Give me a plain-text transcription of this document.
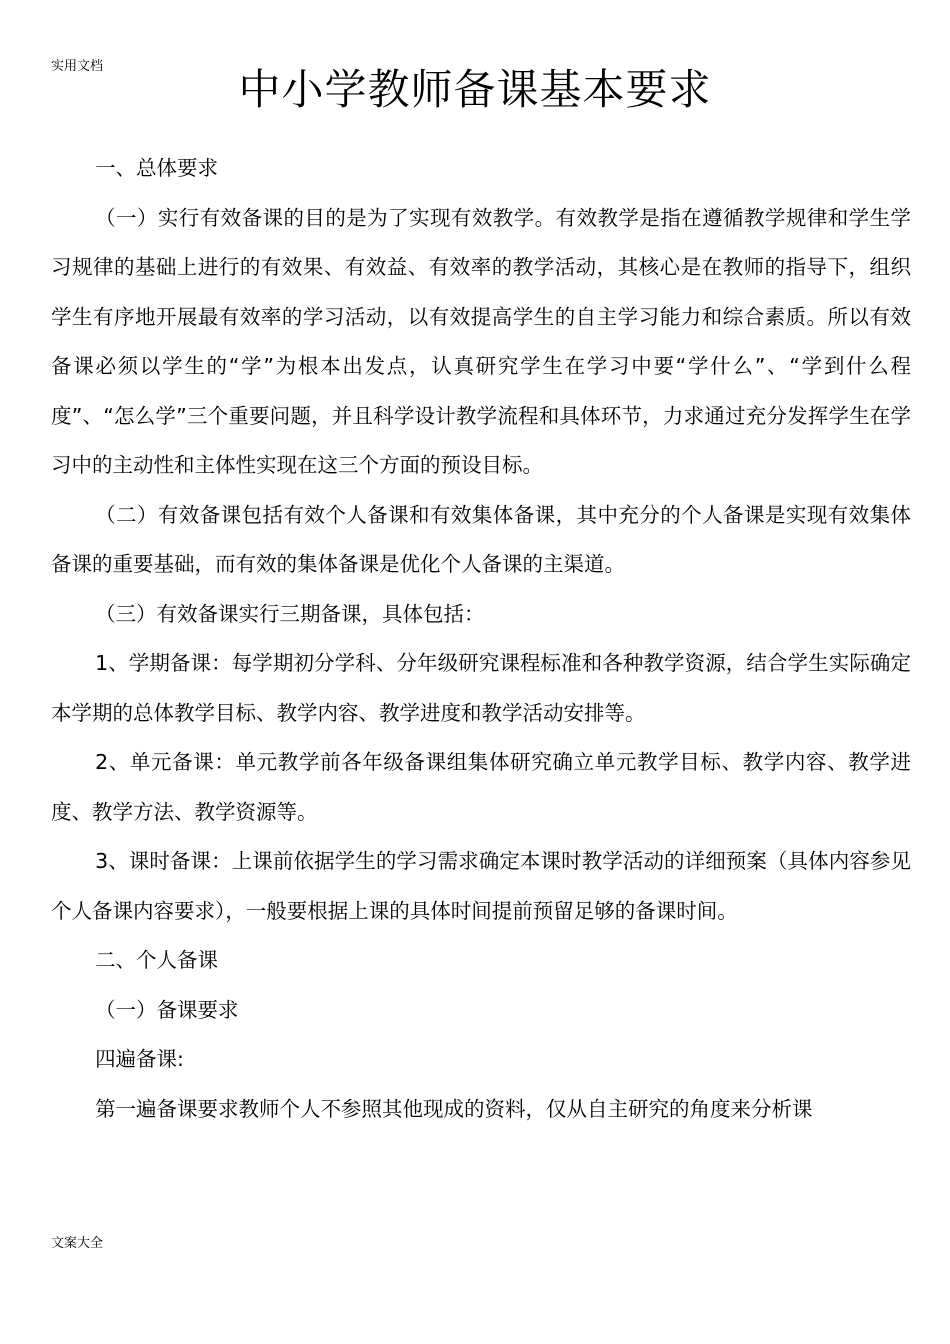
实用文档	中小学教师备课基本要求

一、总体要求

（一）实行有效备课的目的是为了实现有效教学。有效教学是指在遵循教学规律和学生学习规律的基础上进行的有效果、有效益、有效率的教学活动，其核心是在教师的指导下，组织学生有序地开展最有效率的学习活动，以有效提高学生的自主学习能力和综合素质。所以有效备课必须以学生的“学”为根本出发点，认真研究学生在学习中要“学什么”、“学到什么程度”、“怎么学”三个重要问题，并且科学设计教学流程和具体环节，力求通过充分发挥学生在学习中的主动性和主体性实现在这三个方面的预设目标。

（二）有效备课包括有效个人备课和有效集体备课，其中充分的个人备课是实现有效集体备课的重要基础，而有效的集体备课是优化个人备课的主渠道。

（三）有效备课实行三期备课，具体包括：

1、学期备课：每学期初分学科、分年级研究课程标准和各种教学资源，结合学生实际确定本学期的总体教学目标、教学内容、教学进度和教学活动安排等。

2、单元备课：单元教学前各年级备课组集体研究确立单元教学目标、教学内容、教学进度、教学方法、教学资源等。

3、课时备课：上课前依据学生的学习需求确定本课时教学活动的详细预案（具体内容参见个人备课内容要求），一般要根据上课的具体时间提前预留足够的备课时间。

二、个人备课

（一）备课要求

四遍备课:

第一遍备课要求教师个人不参照其他现成的资料，仅从自主研究的角度来分析课

文案大全
